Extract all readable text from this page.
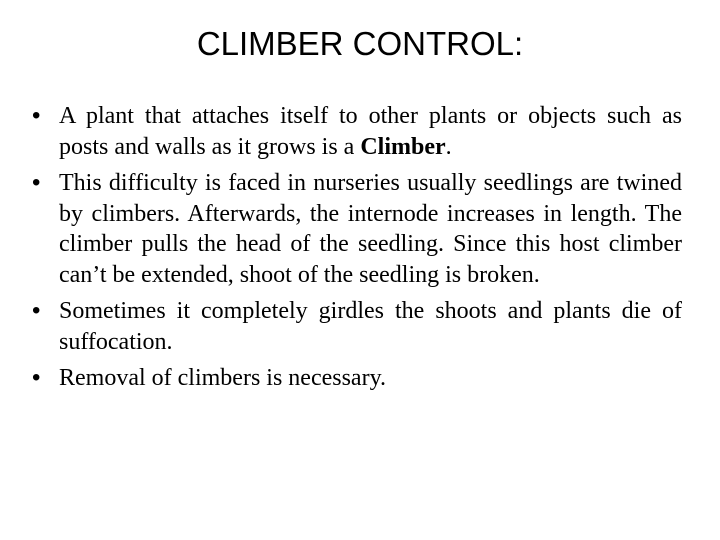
CLIMBER CONTROL:
• A plant that attaches itself to other plants or objects such as posts and walls as it grows is a Climber.
• This difficulty is faced in nurseries usually seedlings are twined by climbers. Afterwards, the internode increases in length. The climber pulls the head of the seedling. Since this host climber can’t be extended, shoot of the seedling is broken.
• Sometimes it completely girdles the shoots and plants die of suffocation.
• Removal of climbers is necessary.
